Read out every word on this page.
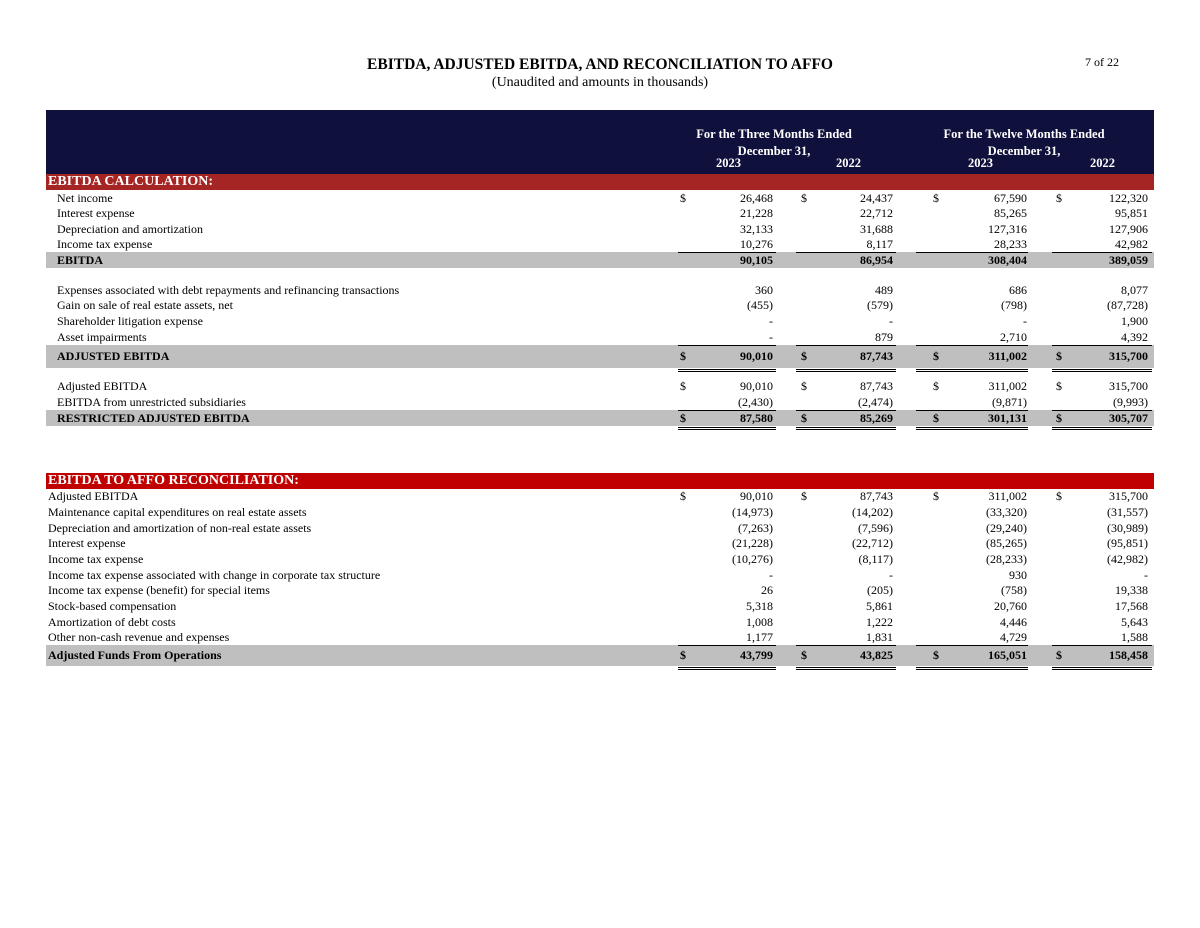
EBITDA, ADJUSTED EBITDA, AND RECONCILIATION TO AFFO
(Unaudited and amounts in thousands)
7 of 22
For the Three Months Ended
December 31,
For the Twelve Months Ended
December 31,
2023	2022	2023	2022
EBITDA CALCULATION:
Net income	$	26,468 $	24,437	$	67,590 $	122,320
Interest expense	21,228	22,712	85,265	95,851
Depreciation and amortization	32,133	31,688	127,316	127,906
Income tax expense	10,276	8,117	28,233	42,982
EBITDA	90,105	86,954	308,404	389,059
Expenses associated with debt repayments and refinancing transactions	360	489	686	8,077
Gain on sale of real estate assets, net	(455)	(579)	(798)	(87,728)
Shareholder litigation expense	-	-	-	1,900
Asset impairments	-	879	2,710	4,392
ADJUSTED EBITDA	$	90,010 $	87,743	$	311,002 $	315,700
Adjusted EBITDA	$	90,010 $	87,743	$	311,002 $	315,700
EBITDA from unrestricted subsidiaries	(2,430)	(2,474)	(9,871)	(9,993)
RESTRICTED ADJUSTED EBITDA	$	87,580 $	85,269	$	301,131 $	305,707
EBITDA TO AFFO RECONCILIATION:
Adjusted EBITDA	$	90,010 $	87,743	$	311,002 $	315,700
Maintenance capital expenditures on real estate assets	(14,973)	(14,202)	(33,320)	(31,557)
Depreciation and amortization of non-real estate assets	(7,263)	(7,596)	(29,240)	(30,989)
Interest expense	(21,228)	(22,712)	(85,265)	(95,851)
Income tax expense	(10,276)	(8,117)	(28,233)	(42,982)
Income tax expense associated with change in corporate tax structure	-	-	930	-
Income tax expense (benefit) for special items	26	(205)	(758)	19,338
Stock-based compensation	5,318	5,861	20,760	17,568
Amortization of debt costs	1,008	1,222	4,446	5,643
Other non-cash revenue and expenses	1,177	1,831	4,729	1,588
Adjusted Funds From Operations	$	43,799 $	43,825	$	165,051 $	158,458
